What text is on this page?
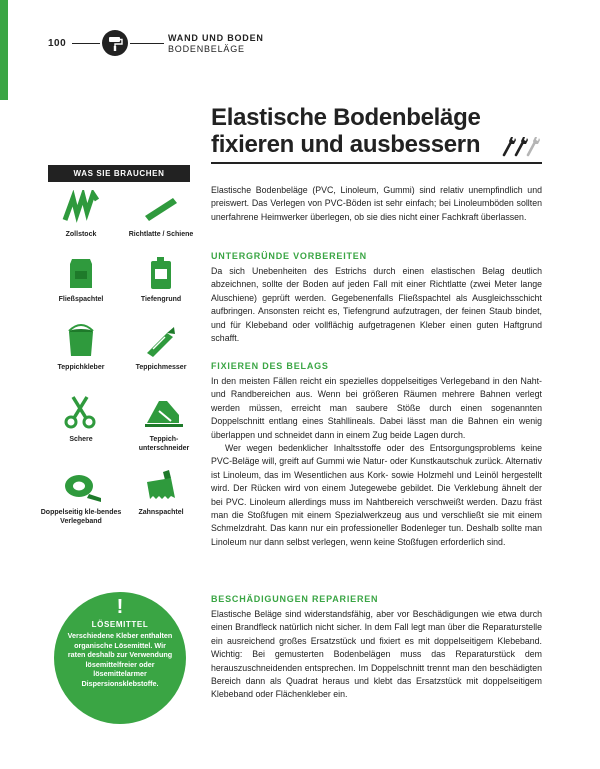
100	WAND UND BODEN
BODENBELÄGE
Elastische Bodenbeläge
fixieren und ausbessern
WAS SIE BRAUCHEN
Zollstock	Richtlatte / Schiene
Fließspachtel	Tiefengrund
Teppichkleber	Teppichmesser
Schere	Teppich-unterschneider
Doppelseitig kle-bendes Verlegeband
Zahnspachtel
!
LÖSEMITTEL
Verschiedene Kleber enthalten organische Lösemittel. Wir raten deshalb zur Verwendung lösemittelfreier oder lösemittelarmer Dispersionsklebstoffe.

Elastische Bodenbeläge (PVC, Linoleum, Gummi) sind relativ unempfindlich und preiswert. Das Verlegen von PVC-Böden ist sehr einfach; bei Linoleumböden sollten unerfahrene Heimwerker überlegen, ob sie dies nicht einer Fachkraft überlassen.

UNTERGRÜNDE VORBEREITEN

Da sich Unebenheiten des Estrichs durch einen elastischen Belag deutlich abzeichnen, sollte der Boden auf jeden Fall mit einer Richtlatte (zwei Meter lange Aluschiene) geprüft werden. Gegebenenfalls Fließspachtel als Ausgleichsschicht aufbringen. Ansonsten reicht es, Tiefengrund aufzutragen, der feinen Staub bindet, und für Klebeband oder vollflächig aufgetragenen Kleber einen guten Haftgrund schafft.

FIXIEREN DES BELAGS

In den meisten Fällen reicht ein spezielles doppelseitiges Verlegeband in den Naht- und Randbereichen aus. Wenn bei größeren Räumen mehrere Bahnen verlegt werden müssen, erreicht man saubere Stöße durch einen sogenannten Doppelschnitt entlang eines Stahllineals. Dabei lässt man die Bahnen ein wenig überlappen und schneidet dann in einem Zug beide Lagen durch.

Wer wegen bedenklicher Inhaltsstoffe oder des Entsorgungsproblems keine PVC-Beläge will, greift auf Gummi wie Natur- oder Kunstkautschuk zurück. Alternativ ist Linoleum, das im Wesentlichen aus Kork- sowie Holzmehl und Leinöl hergestellt wird. Der Rücken wird von einem Jutegewebe gebildet. Die Verklebung ähnelt der bei PVC. Linoleum allerdings muss im Nahtbereich verschweißt werden. Dazu fräst man die Stoßfugen mit einem Spezialwerkzeug aus und verschließt sie mit einem Schmelzdraht. Das kann nur ein professioneller Bodenleger tun. Deshalb sollte man Linoleum nur dann selbst verlegen, wenn keine Stoßfugen erforderlich sind.

BESCHÄDIGUNGEN REPARIEREN

Elastische Beläge sind widerstandsfähig, aber vor Beschädigungen wie etwa durch einen Brandfleck natürlich nicht sicher. In dem Fall legt man über die Reparaturstelle ein ausreichend großes Ersatzstück und fixiert es mit doppelseitigem Klebeband. Wichtig: Bei gemusterten Bodenbelägen muss das Reparaturstück dem herauszuschneidenden entsprechen. Im Doppelschnitt trennt man den beschädigten Bereich dann als Quadrat heraus und klebt das Ersatzstück mit doppelseitigem Klebeband oder Flächenkleber ein.
